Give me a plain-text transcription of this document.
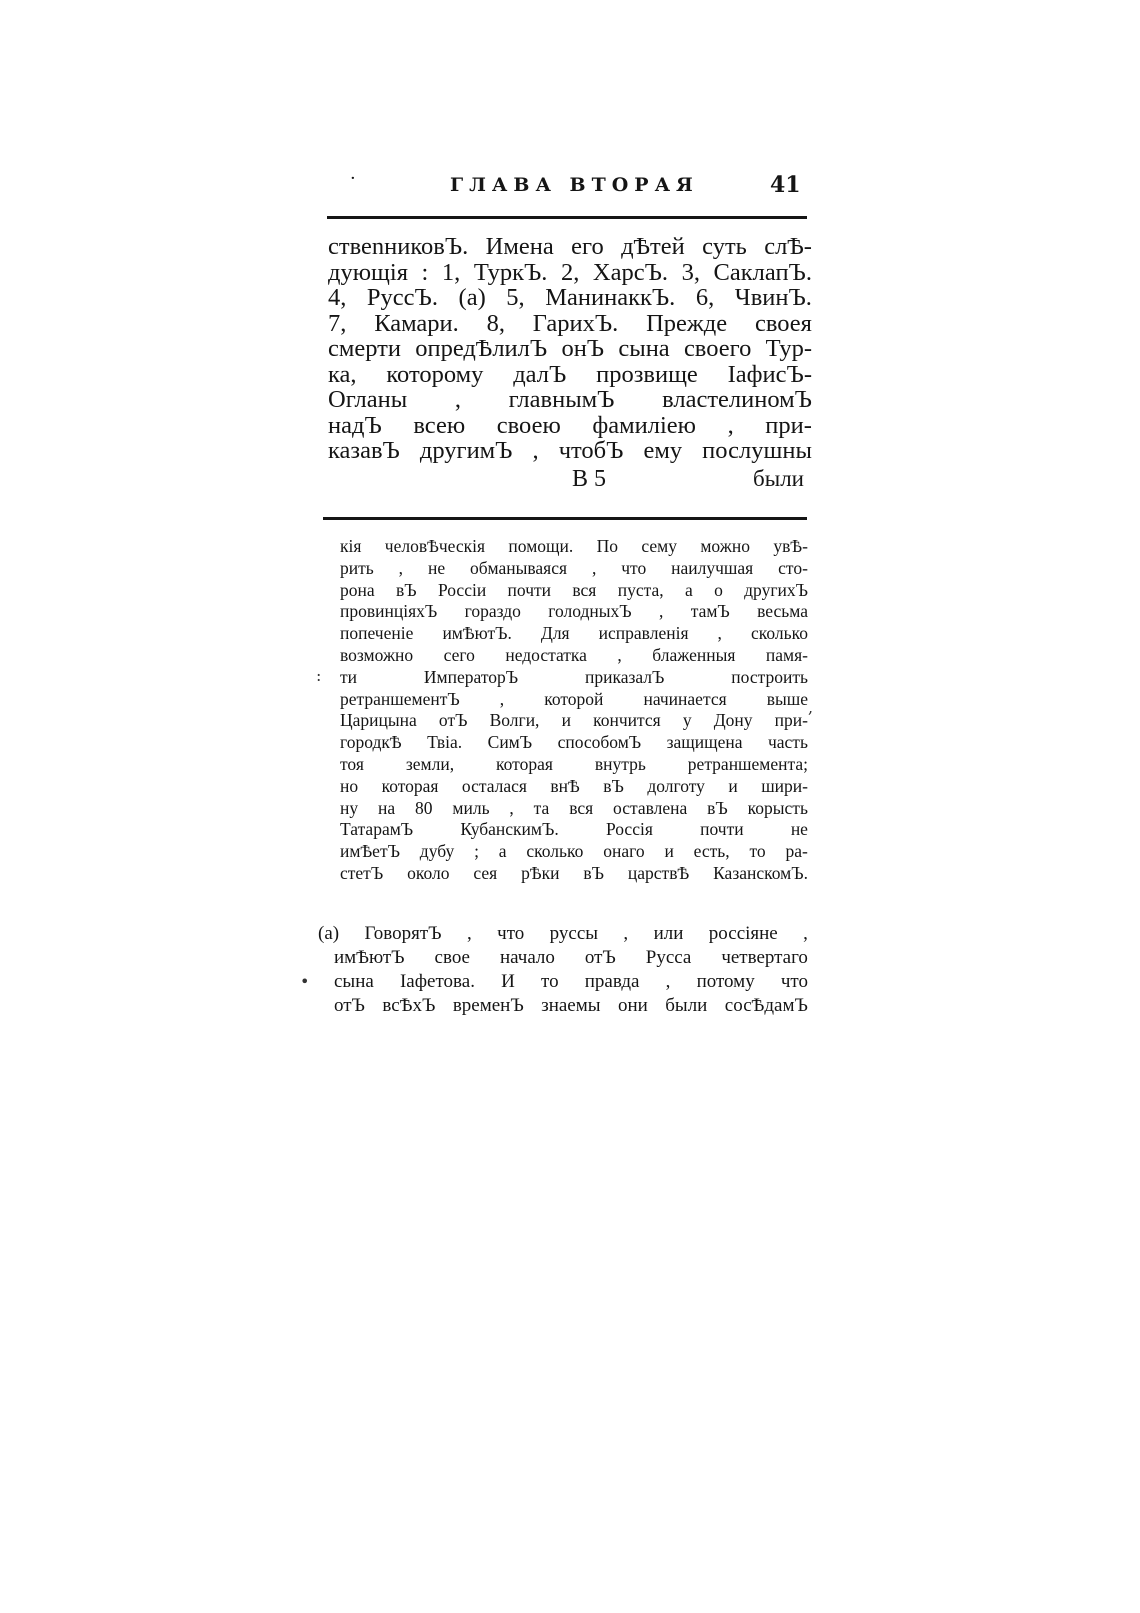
·	ГЛАВА ВТОРАЯ	41
ствеnниковЪ. Имена его дѢтей суть слѢ-
дующія : 1, ТуркЪ. 2, ХарсЪ. 3, СаклапЪ.
4, РуссЪ. (a) 5, МанинаккЪ. 6, ЧвинЪ.
7, Камари. 8, ГарихЪ. Прежде своея
смерти опредѢлилЪ онЪ сына своего Тур-
ка, которому далЪ прозвище ІафисЪ-
Огланы , главнымЪ властелиномЪ
надЪ всею своею фамиліею , при-
казавЪ другимЪ , чтобЪ ему послушны
В 5	были
кія человѢческія помощи. По сему можно увѢ-
рить , не обманываяся , что наилучшая сто-
рона вЪ Россіи почти вся пуста, а о другихЪ
провинціяхЪ гораздо голодныхЪ , тамЪ весьма
попеченіе имѢютЪ. Для исправленія , сколько
возможно сего недостатка , блаженныя памя-
ти	ИмператорЪ	приказалЪ	построить
ретраншементЪ , которой начинается выше
Царицына отЪ Волги, и кончится у Дону при-
городкѢ Твіа. СимЪ способомЪ защищена часть
тоя земли, которая внутрь ретраншемента;
но которая осталася внѢ вЪ долготу и шири-
ну на 80 миль , та вся оставлена вЪ корысть
ТатарамЪ	КубанскимЪ.	Россія	почти	не
имѢетЪ дубу ; а сколько онаго и есть, то ра-
стетЪ около сея рѢки вЪ царствѢ КазанскомЪ.
:
,
(a) ГоворятЪ , что руссы , или россіяне ,
имѢютЪ свое начало отЪ Русса четвертаго
сына Іафетова. И то правда , потому что
отЪ всѢхЪ временЪ знаемы они были сосѢдамЪ
•
